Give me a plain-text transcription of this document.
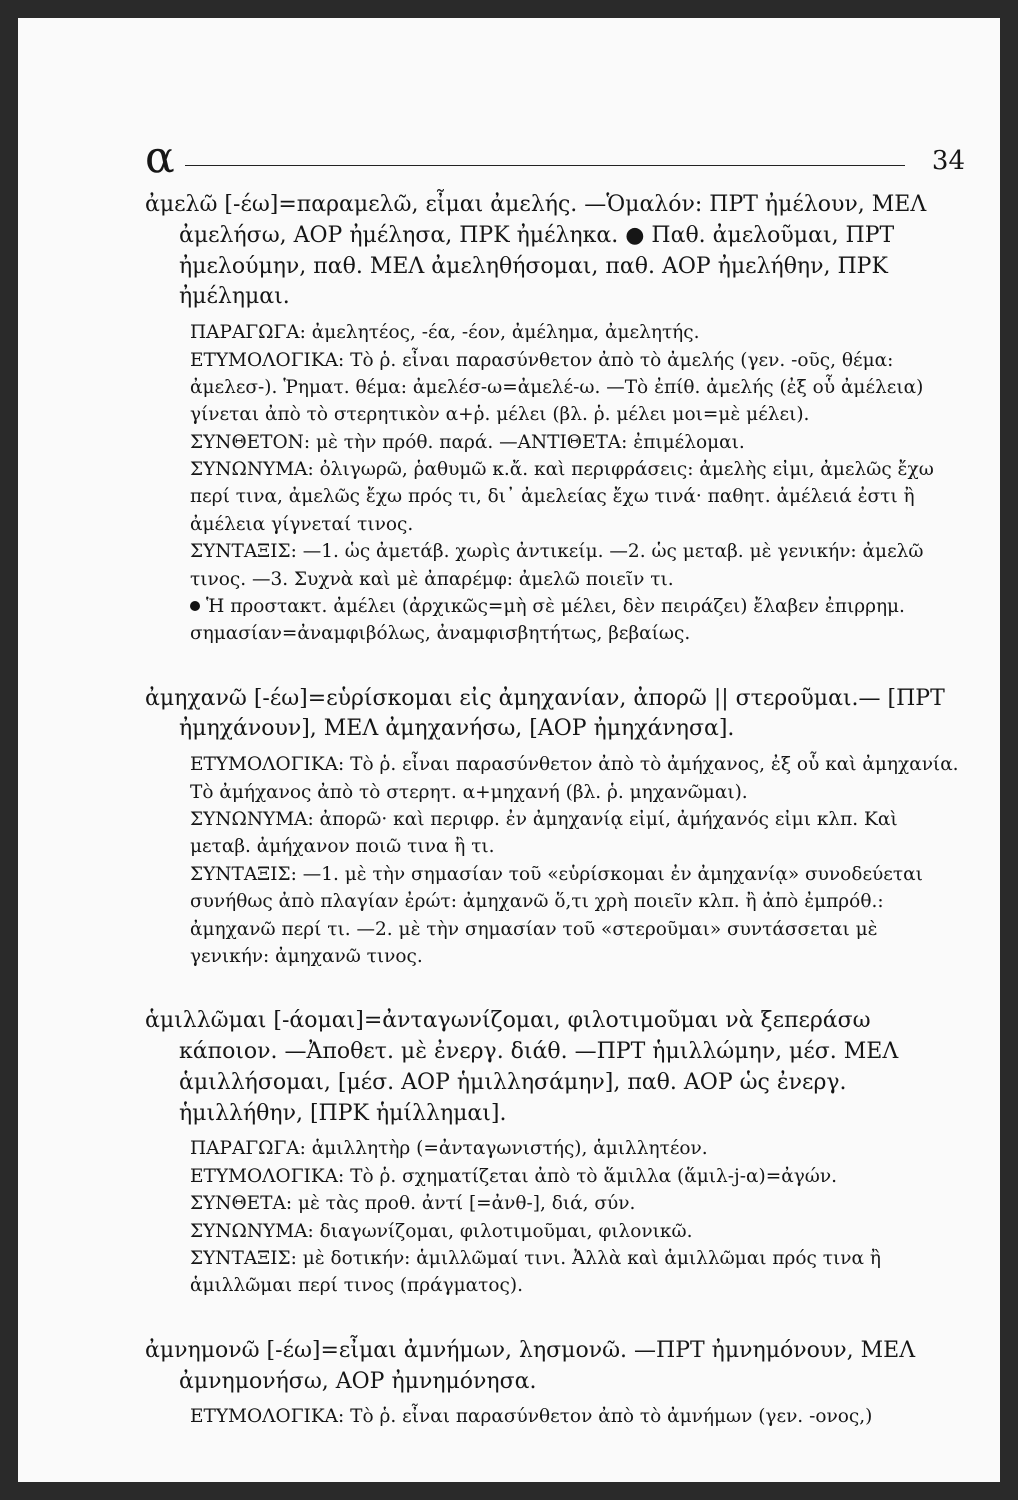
α	34

ἀμελῶ [-έω]=παραμελῶ, εἶμαι ἀμελής. —Ὁμαλόν: ΠΡΤ ἠμέλουν, ΜΕΛ ἀμελήσω, ΑΟΡ ἠμέλησα, ΠΡΚ ἠμέληκα. ● Παθ. ἀμελοῦμαι, ΠΡΤ ἠμελούμην, παθ. ΜΕΛ ἀμεληθήσομαι, παθ. ΑΟΡ ἠμελήθην, ΠΡΚ ἠμέλημαι.

ΠΑΡΑΓΩΓΑ: ἀμελητέος, -έα, -έον, ἀμέλημα, ἀμελητής.
ΕΤΥΜΟΛΟΓΙΚΑ: Τὸ ῥ. εἶναι παρασύνθετον ἀπὸ τὸ ἀμελής (γεν. -οῦς, θέμα: ἀμελεσ-). Ῥηματ. θέμα: ἀμελέσ-ω=ἀμελέ-ω. —Τὸ ἐπίθ. ἀμελής (ἐξ οὗ ἀμέλεια) γίνεται ἀπὸ τὸ στερητικὸν α+ῥ. μέλει (βλ. ῥ. μέλει μοι=μὲ μέλει).
ΣΥΝΘΕΤΟΝ: μὲ τὴν πρόθ. παρά. —ΑΝΤΙΘΕΤΑ: ἐπιμέλομαι.
ΣΥΝΩΝΥΜΑ: ὀλιγωρῶ, ῥαθυμῶ κ.ἄ. καὶ περιφράσεις: ἀμελὴς εἰμι, ἀμελῶς ἔχω περί τινα, ἀμελῶς ἔχω πρός τι, δι᾽ ἀμελείας ἔχω τινά· παθητ. ἀμέλειά ἐστι ἢ ἀμέλεια γίγνεταί τινος.
ΣΥΝΤΑΞΙΣ: —1. ὡς ἀμετάβ. χωρὶς ἀντικείμ. —2. ὡς μεταβ. μὲ γενικήν: ἀμελῶ τινος. —3. Συχνὰ καὶ μὲ ἀπαρέμφ: ἀμελῶ ποιεῖν τι.
Ἡ προστακτ. ἀμέλει (ἀρχικῶς=μὴ σὲ μέλει, δὲν πειράζει) ἔλαβεν ἐπιρρημ. σημασίαν=ἀναμφιβόλως, ἀναμφισβητήτως, βεβαίως.

ἀμηχανῶ [-έω]=εὑρίσκομαι εἰς ἀμηχανίαν, ἀπορῶ || στεροῦμαι.— [ΠΡΤ ἠμηχάνουν], ΜΕΛ ἀμηχανήσω, [ΑΟΡ ἠμηχάνησα].

ΕΤΥΜΟΛΟΓΙΚΑ: Τὸ ῥ. εἶναι παρασύνθετον ἀπὸ τὸ ἀμήχανος, ἐξ οὗ καὶ ἀμηχανία. Τὸ ἀμήχανος ἀπὸ τὸ στερητ. α+μηχανή (βλ. ῥ. μηχανῶμαι).
ΣΥΝΩΝΥΜΑ: ἀπορῶ· καὶ περιφρ. ἐν ἀμηχανίᾳ εἰμί, ἀμήχανός εἰμι κλπ. Καὶ μεταβ. ἀμήχανον ποιῶ τινα ἢ τι.
ΣΥΝΤΑΞΙΣ: —1. μὲ τὴν σημασίαν τοῦ «εὑρίσκομαι ἐν ἀμηχανίᾳ» συνοδεύεται συνήθως ἀπὸ πλαγίαν ἐρώτ: ἀμηχανῶ ὅ,τι χρὴ ποιεῖν κλπ. ἢ ἀπὸ ἐμπρόθ.: ἀμηχανῶ περί τι. —2. μὲ τὴν σημασίαν τοῦ «στεροῦμαι» συντάσσεται μὲ γενικήν: ἀμηχανῶ τινος.

ἁμιλλῶμαι [-άομαι]=ἀνταγωνίζομαι, φιλοτιμοῦμαι νὰ ξεπεράσω κάποιον. —Ἀποθετ. μὲ ἐνεργ. διάθ. —ΠΡΤ ἡμιλλώμην, μέσ. ΜΕΛ ἁμιλλήσομαι, [μέσ. ΑΟΡ ἡμιλλησάμην], παθ. ΑΟΡ ὡς ἐνεργ. ἡμιλλήθην, [ΠΡΚ ἡμίλλημαι].

ΠΑΡΑΓΩΓΑ: ἁμιλλητὴρ (=ἀνταγωνιστής), ἁμιλλητέον.
ΕΤΥΜΟΛΟΓΙΚΑ: Τὸ ῥ. σχηματίζεται ἀπὸ τὸ ἅμιλλα (ἅμιλ-j-α)=ἀγών.
ΣΥΝΘΕΤΑ: μὲ τὰς προθ. ἀντί [=ἀνθ-], διά, σύν.
ΣΥΝΩΝΥΜΑ: διαγωνίζομαι, φιλοτιμοῦμαι, φιλονικῶ.
ΣΥΝΤΑΞΙΣ: μὲ δοτικήν: ἁμιλλῶμαί τινι. Ἀλλὰ καὶ ἁμιλλῶμαι πρός τινα ἢ ἁμιλλῶμαι περί τινος (πράγματος).

ἀμνημονῶ [-έω]=εἶμαι ἀμνήμων, λησμονῶ. —ΠΡΤ ἠμνημόνουν, ΜΕΛ ἀμνημονήσω, ΑΟΡ ἠμνημόνησα.

ΕΤΥΜΟΛΟΓΙΚΑ: Τὸ ῥ. εἶναι παρασύνθετον ἀπὸ τὸ ἀμνήμων (γεν. -ονος,)
